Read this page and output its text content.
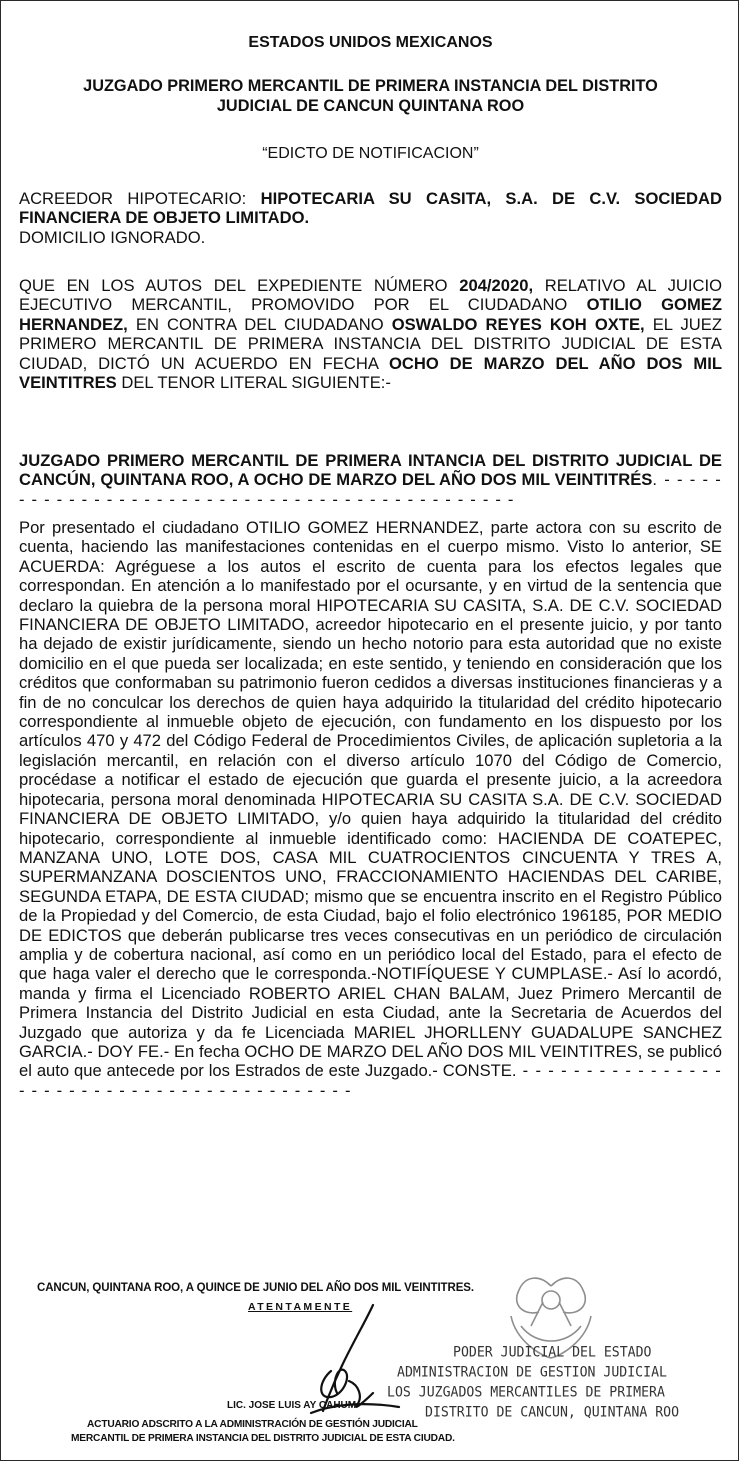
ESTADOS UNIDOS MEXICANOS
JUZGADO PRIMERO MERCANTIL DE PRIMERA INSTANCIA DEL DISTRITO
JUDICIAL DE CANCUN QUINTANA ROO
“EDICTO DE NOTIFICACION”
ACREEDOR HIPOTECARIO: HIPOTECARIA SU CASITA, S.A. DE C.V. SOCIEDAD FINANCIERA DE OBJETO LIMITADO.
DOMICILIO IGNORADO.
QUE EN LOS AUTOS DEL EXPEDIENTE NÚMERO 204/2020, RELATIVO AL JUICIO EJECUTIVO MERCANTIL, PROMOVIDO POR EL CIUDADANO OTILIO GOMEZ HERNANDEZ, EN CONTRA DEL CIUDADANO OSWALDO REYES KOH OXTE, EL JUEZ PRIMERO MERCANTIL DE PRIMERA INSTANCIA DEL DISTRITO JUDICIAL DE ESTA CIUDAD, DICTÓ UN ACUERDO EN FECHA OCHO DE MARZO DEL AÑO DOS MIL VEINTITRES DEL TENOR LITERAL SIGUIENTE:-
JUZGADO PRIMERO MERCANTIL DE PRIMERA INTANCIA DEL DISTRITO JUDICIAL DE CANCÚN, QUINTANA ROO, A OCHO DE MARZO DEL AÑO DOS MIL VEINTITRÉS. - - - - - - - - - - - - - - - - - - - - - - - - - - - - - - - - - - - - - - - - - - - - -
Por presentado el ciudadano OTILIO GOMEZ HERNANDEZ, parte actora con su escrito de cuenta, haciendo las manifestaciones contenidas en el cuerpo mismo. Visto lo anterior, SE ACUERDA: Agréguese a los autos el escrito de cuenta para los efectos legales que correspondan. En atención a lo manifestado por el ocursante, y en virtud de la sentencia que declaro la quiebra de la persona moral HIPOTECARIA SU CASITA, S.A. DE C.V. SOCIEDAD FINANCIERA DE OBJETO LIMITADO, acreedor hipotecario en el presente juicio, y por tanto ha dejado de existir jurídicamente, siendo un hecho notorio para esta autoridad que no existe domicilio en el que pueda ser localizada; en este sentido, y teniendo en consideración que los créditos que conformaban su patrimonio fueron cedidos a diversas instituciones financieras y a fin de no conculcar los derechos de quien haya adquirido la titularidad del crédito hipotecario correspondiente al inmueble objeto de ejecución, con fundamento en los dispuesto por los artículos 470 y 472 del Código Federal de Procedimientos Civiles, de aplicación supletoria a la legislación mercantil, en relación con el diverso artículo 1070 del Código de Comercio, procédase a notificar el estado de ejecución que guarda el presente juicio, a la acreedora hipotecaria, persona moral denominada HIPOTECARIA SU CASITA S.A. DE C.V. SOCIEDAD FINANCIERA DE OBJETO LIMITADO, y/o quien haya adquirido la titularidad del crédito hipotecario, correspondiente al inmueble identificado como: HACIENDA DE COATEPEC, MANZANA UNO, LOTE DOS, CASA MIL CUATROCIENTOS CINCUENTA Y TRES A, SUPERMANZANA DOSCIENTOS UNO, FRACCIONAMIENTO HACIENDAS DEL CARIBE, SEGUNDA ETAPA, DE ESTA CIUDAD; mismo que se encuentra inscrito en el Registro Público de la Propiedad y del Comercio, de esta Ciudad, bajo el folio electrónico 196185, POR MEDIO DE EDICTOS que deberán publicarse tres veces consecutivas en un periódico de circulación amplia y de cobertura nacional, así como en un periódico local del Estado, para el efecto de que haga valer el derecho que le corresponda.-NOTIFÍQUESE Y CUMPLASE.- Así lo acordó, manda y firma el Licenciado ROBERTO ARIEL CHAN BALAM, Juez Primero Mercantil de Primera Instancia del Distrito Judicial en esta Ciudad, ante la Secretaria de Acuerdos del Juzgado que autoriza y da fe Licenciada MARIEL JHORLLENY GUADALUPE SANCHEZ GARCIA.- DOY FE.- En fecha OCHO DE MARZO DEL AÑO DOS MIL VEINTITRES, se publicó el auto que antecede por los Estrados de este Juzgado.- CONSTE. - - - - - - - - - - - - - - - - - - - - - - - - - - - - - - - - - - - - - - - - - - -
CANCUN, QUINTANA ROO, A QUINCE DE JUNIO DEL AÑO DOS MIL VEINTITRES.
ATENTAMENTE
PODER JUDICIAL DEL ESTADO
ADMINISTRACION DE GESTION JUDICIAL
LOS JUZGADOS MERCANTILES DE PRIMERA
DISTRITO DE CANCUN, QUINTANA ROO
LIC. JOSE LUIS AY CAHUM
ACTUARIO ADSCRITO A LA ADMINISTRACIÓN DE GESTIÓN JUDICIAL
MERCANTIL DE PRIMERA INSTANCIA DEL DISTRITO JUDICIAL DE ESTA CIUDAD.
